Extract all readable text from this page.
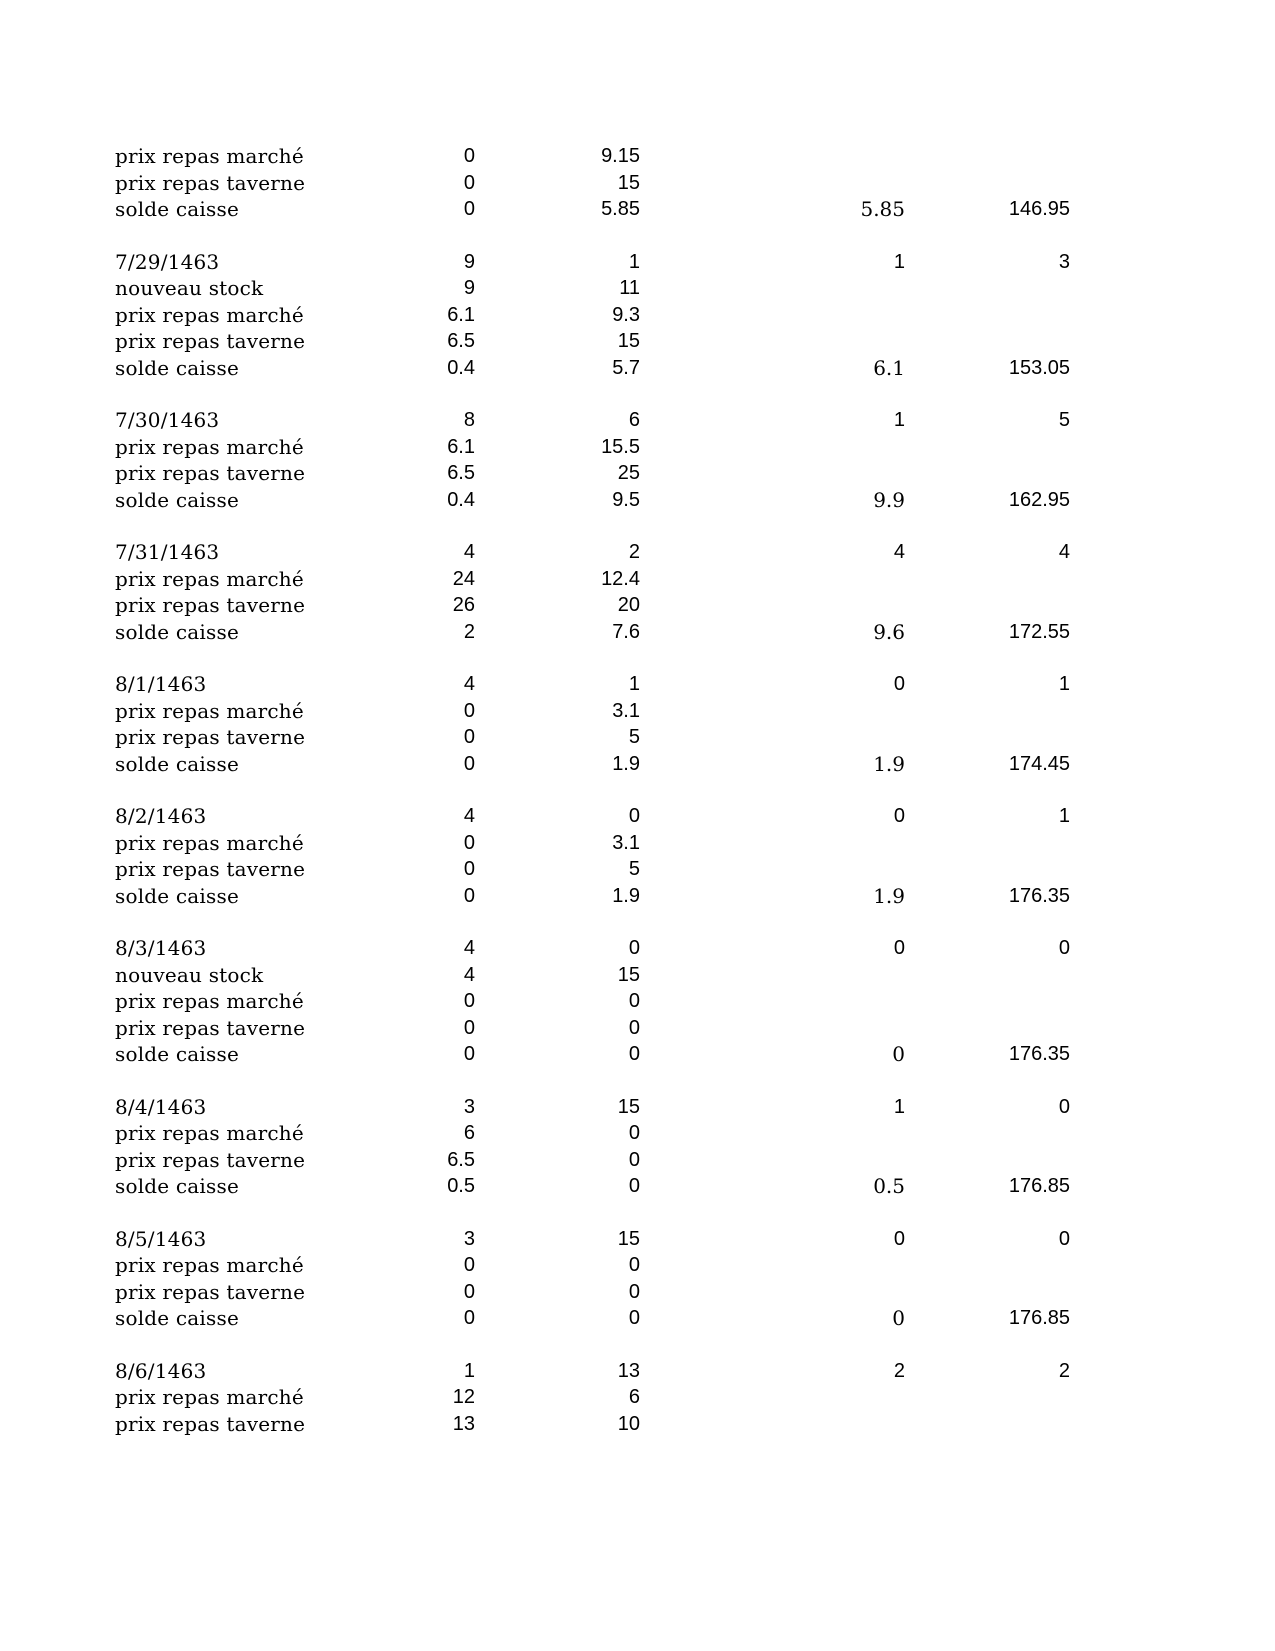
prix repas marché	0	9.15
prix repas taverne	0	15
solde caisse	0	5.85	5.85	146.95
7/29/1463	9	1	1	3
nouveau stock	9	11
prix repas marché	6.1	9.3
prix repas taverne	6.5	15
solde caisse	0.4	5.7	6.1	153.05
7/30/1463	8	6	1	5
prix repas marché	6.1	15.5
prix repas taverne	6.5	25
solde caisse	0.4	9.5	9.9	162.95
7/31/1463	4	2	4	4
prix repas marché	24	12.4
prix repas taverne	26	20
solde caisse	2	7.6	9.6	172.55
8/1/1463	4	1	0	1
prix repas marché	0	3.1
prix repas taverne	0	5
solde caisse	0	1.9	1.9	174.45
8/2/1463	4	0	0	1
prix repas marché	0	3.1
prix repas taverne	0	5
solde caisse	0	1.9	1.9	176.35
8/3/1463	4	0	0	0
nouveau stock	4	15
prix repas marché	0	0
prix repas taverne	0	0
solde caisse	0	0	0	176.35
8/4/1463	3	15	1	0
prix repas marché	6	0
prix repas taverne	6.5	0
solde caisse	0.5	0	0.5	176.85
8/5/1463	3	15	0	0
prix repas marché	0	0
prix repas taverne	0	0
solde caisse	0	0	0	176.85
8/6/1463	1	13	2	2
prix repas marché	12	6
prix repas taverne	13	10
